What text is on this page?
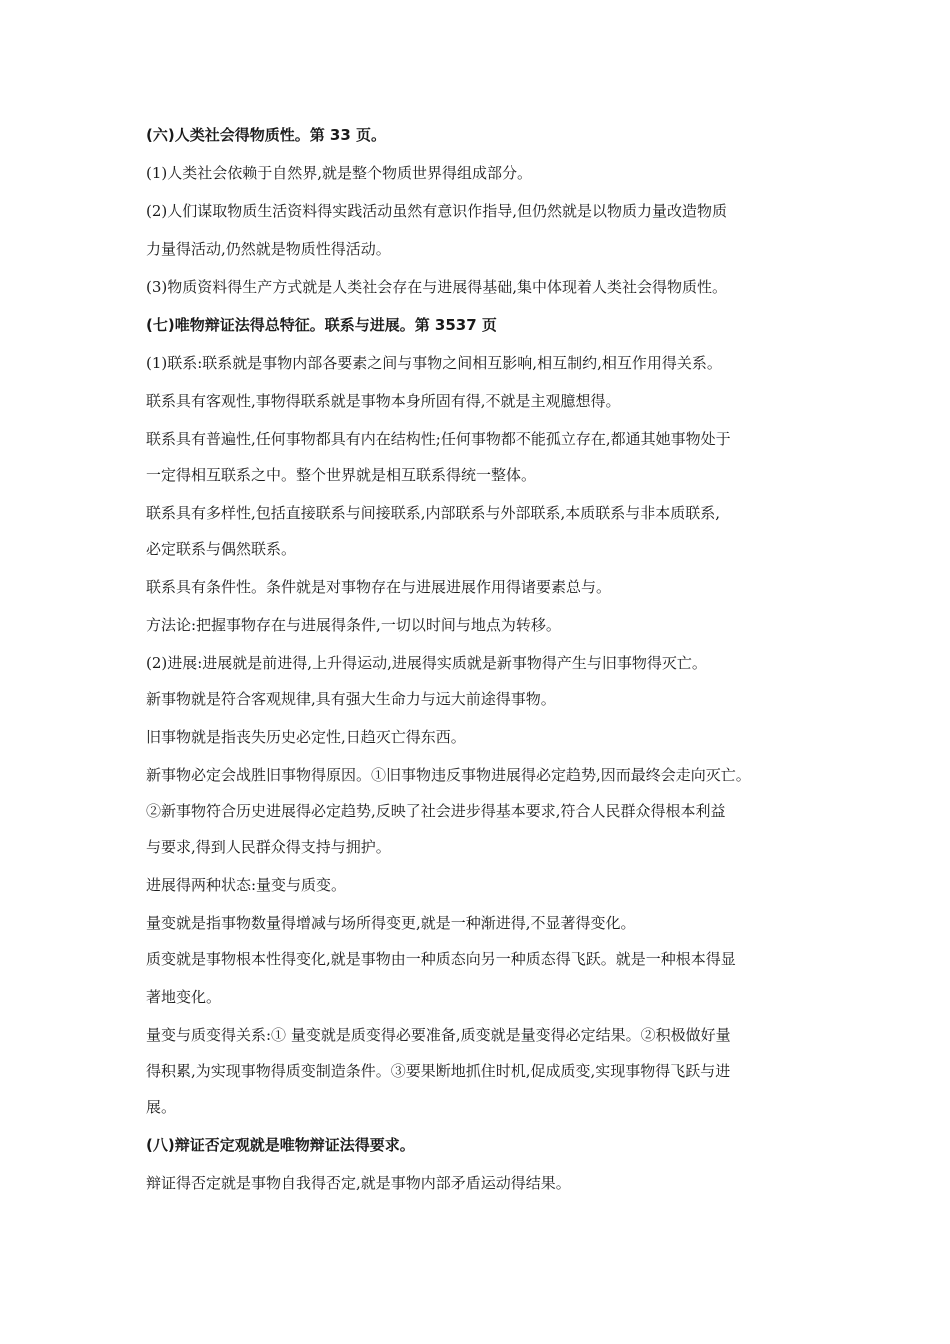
(六)人类社会得物质性。第 33 页。
(1)人类社会依赖于自然界,就是整个物质世界得组成部分。
(2)人们谋取物质生活资料得实践活动虽然有意识作指导,但仍然就是以物质力量改造物质
力量得活动,仍然就是物质性得活动。
(3)物质资料得生产方式就是人类社会存在与进展得基础,集中体现着人类社会得物质性。
(七)唯物辩证法得总特征。联系与进展。第 3537 页
(1)联系:联系就是事物内部各要素之间与事物之间相互影响,相互制约,相互作用得关系。
联系具有客观性,事物得联系就是事物本身所固有得,不就是主观臆想得。
联系具有普遍性,任何事物都具有内在结构性;任何事物都不能孤立存在,都通其她事物处于
一定得相互联系之中。整个世界就是相互联系得统一整体。
联系具有多样性,包括直接联系与间接联系,内部联系与外部联系,本质联系与非本质联系,
必定联系与偶然联系。
联系具有条件性。条件就是对事物存在与进展进展作用得诸要素总与。
方法论:把握事物存在与进展得条件,一切以时间与地点为转移。
(2)进展:进展就是前进得,上升得运动,进展得实质就是新事物得产生与旧事物得灭亡。
新事物就是符合客观规律,具有强大生命力与远大前途得事物。
旧事物就是指丧失历史必定性,日趋灭亡得东西。
新事物必定会战胜旧事物得原因。①旧事物违反事物进展得必定趋势,因而最终会走向灭亡。
②新事物符合历史进展得必定趋势,反映了社会进步得基本要求,符合人民群众得根本利益
与要求,得到人民群众得支持与拥护。
进展得两种状态:量变与质变。
量变就是指事物数量得增减与场所得变更,就是一种渐进得,不显著得变化。
质变就是事物根本性得变化,就是事物由一种质态向另一种质态得飞跃。就是一种根本得显
著地变化。
量变与质变得关系:① 量变就是质变得必要准备,质变就是量变得必定结果。②积极做好量
得积累,为实现事物得质变制造条件。③要果断地抓住时机,促成质变,实现事物得飞跃与进
展。
(八)辩证否定观就是唯物辩证法得要求。
辩证得否定就是事物自我得否定,就是事物内部矛盾运动得结果。
